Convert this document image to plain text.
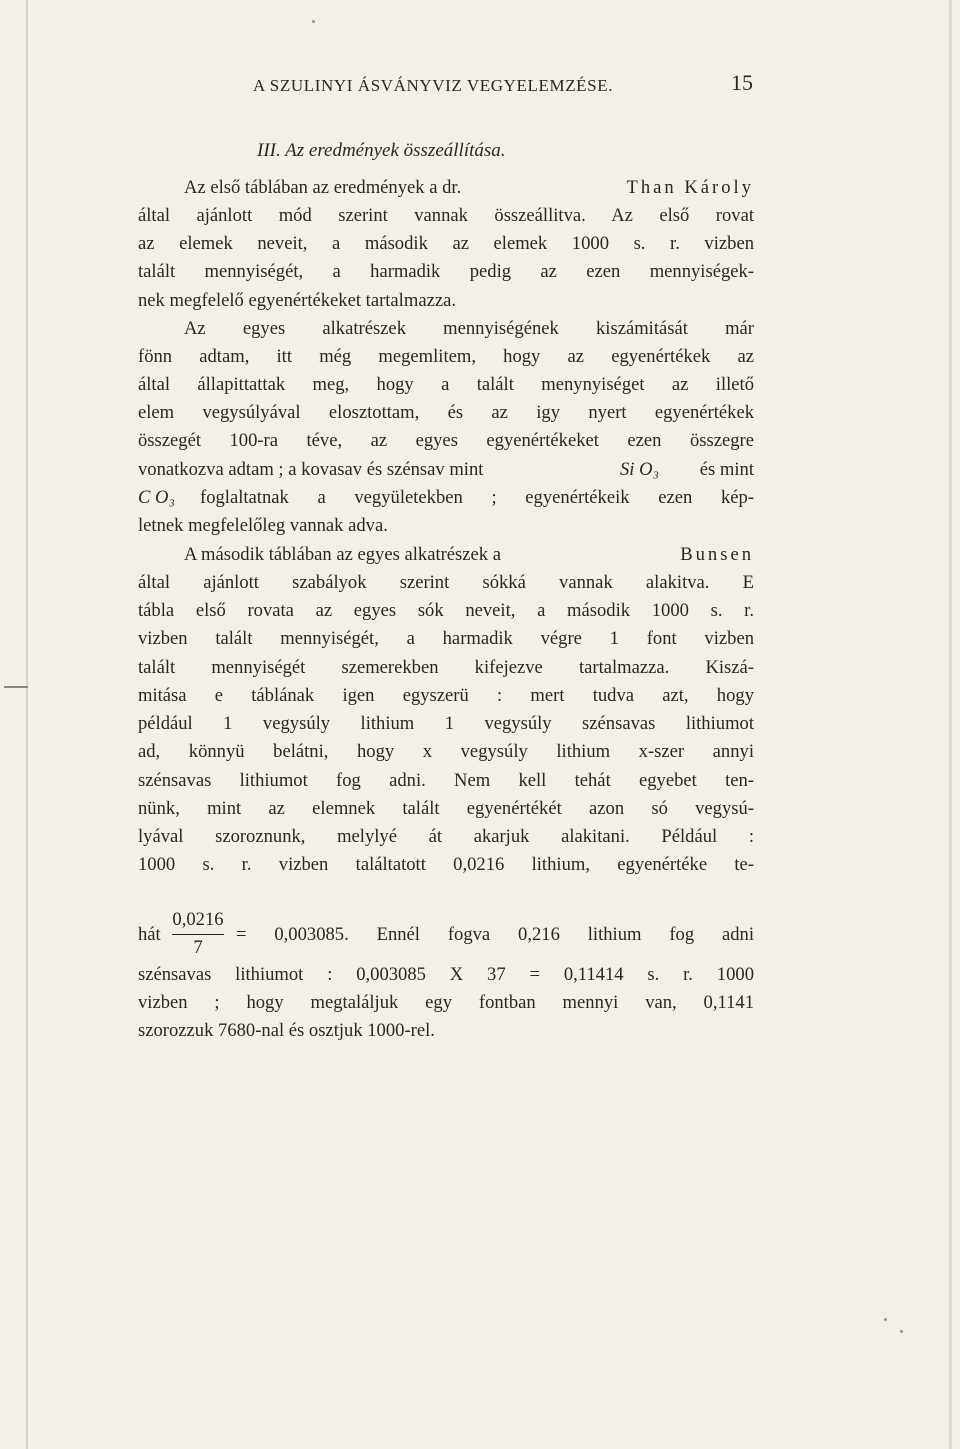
A SZULINYI ÁSVÁNYVIZ VEGYELEMZÉSE.	15
III. Az eredmények összeállítása.
Az első táblában az eredmények a dr.	Than Károly
által ajánlott mód szerint vannak összeállitva. Az első rovat
az elemek neveit, a második az elemek 1000 s. r. vizben
talált mennyiségét, a harmadik pedig az ezen mennyiségek-
nek megfelelő egyenértékeket tartalmazza.
Az egyes alkatrészek mennyiségének kiszámitását már
fönn adtam, itt még megemlitem, hogy az egyenértékek az
által állapittattak meg, hogy a talált menynyiséget az illető
elem vegysúlyával elosztottam, és az igy nyert egyenértékek
összegét 100-ra téve, az egyes egyenértékeket ezen összegre
vonatkozva adtam ; a kovasav és szénsav mint	Si O₃ és mint
C O₃ foglaltatnak a vegyületekben ; egyenértékeik ezen kép-
letnek megfelelőleg vannak adva.
A második táblában az egyes alkatrészek a	Bunsen
által ajánlott szabályok szerint sókká vannak alakitva. E
tábla első rovata az egyes sók neveit, a második 1000 s. r.
vizben talált mennyiségét, a harmadik végre 1 font vizben
talált mennyiségét szemerekben kifejezve tartalmazza. Kiszá-
mitása e táblának igen egyszerü : mert tudva azt, hogy
például 1 vegysúly lithium 1 vegysúly szénsavas lithiumot
ad, könnyü belátni, hogy x vegysúly lithium x-szer annyi
szénsavas lithiumot fog adni. Nem kell tehát egyebet ten-
nünk, mint az elemnek talált egyenértékét azon só vegysú-
lyával szoroznunk, melylyé át akarjuk alakitani. Például :
1000 s. r. vizben találtatott 0,0216 lithium, egyenértéke te-
hát
0,0216
7
= 0,003085. Ennél fogva 0,216 lithium fog adni
szénsavas lithiumot : 0,003085 X 37 = 0,11414 s. r. 1000
vizben ; hogy megtaláljuk egy fontban mennyi van, 0,1141
szorozzuk 7680-nal és osztjuk 1000-rel.
